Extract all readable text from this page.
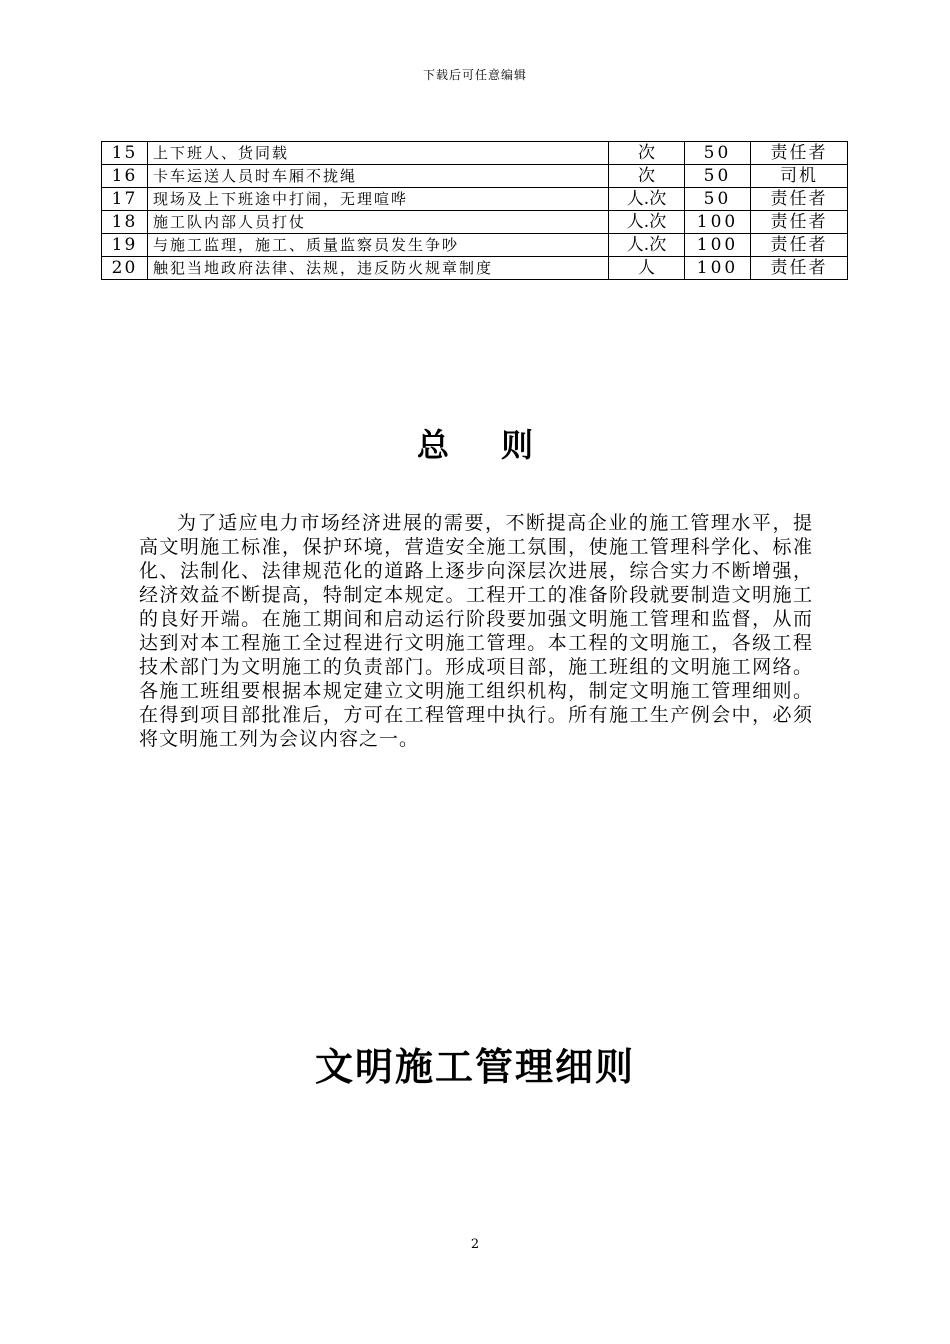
下载后可任意编辑
15	上下班人、货同载	次	50	责任者
16	卡车运送人员时车厢不拢绳	次	50	司机
17	现场及上下班途中打闹，无理喧哗	人.次	50	责任者
18	施工队内部人员打仗	人.次	100	责任者
19	与施工监理，施工、质量监察员发生争吵	人.次	100	责任者
20	触犯当地政府法律、法规，违反防火规章制度	人	100	责任者
总 则

为了适应电力市场经济进展的需要，不断提高企业的施工管理水平，提高文明施工标准，保护环境，营造安全施工氛围，使施工管理科学化、标准化、法制化、法律规范化的道路上逐步向深层次进展，综合实力不断增强，经济效益不断提高，特制定本规定。工程开工的准备阶段就要制造文明施工的良好开端。在施工期间和启动运行阶段要加强文明施工管理和监督，从而达到对本工程施工全过程进行文明施工管理。本工程的文明施工，各级工程技术部门为文明施工的负责部门。形成项目部，施工班组的文明施工网络。各施工班组要根据本规定建立文明施工组织机构，制定文明施工管理细则。在得到项目部批准后，方可在工程管理中执行。所有施工生产例会中，必须将文明施工列为会议内容之一。

文明施工管理细则
2
